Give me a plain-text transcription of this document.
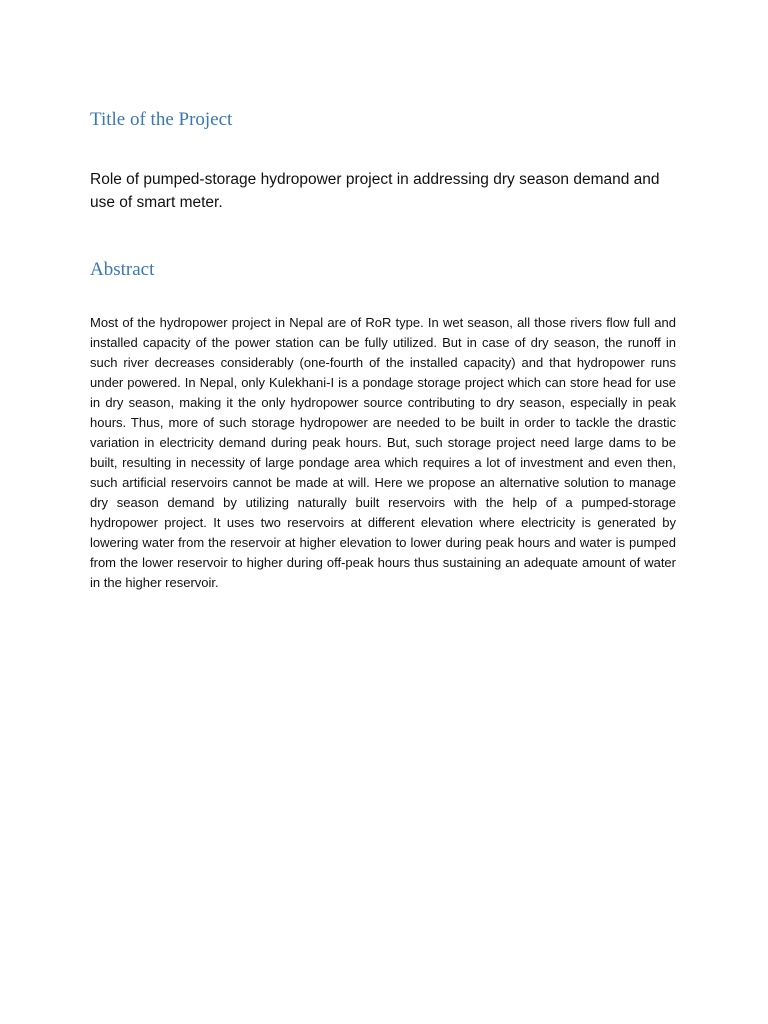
Title of the Project

Role of pumped-storage hydropower project in addressing dry season demand and use of smart meter.

Abstract

Most of the hydropower project in Nepal are of RoR type. In wet season, all those rivers flow full and installed capacity of the power station can be fully utilized. But in case of dry season, the runoff in such river decreases considerably (one-fourth of the installed capacity) and that hydropower runs under powered. In Nepal, only Kulekhani-I is a pondage storage project which can store head for use in dry season, making it the only hydropower source contributing to dry season, especially in peak hours. Thus, more of such storage hydropower are needed to be built in order to tackle the drastic variation in electricity demand during peak hours. But, such storage project need large dams to be built, resulting in necessity of large pondage area which requires a lot of investment and even then, such artificial reservoirs cannot be made at will. Here we propose an alternative solution to manage dry season demand by utilizing naturally built reservoirs with the help of a pumped-storage hydropower project. It uses two reservoirs at different elevation where electricity is generated by lowering water from the reservoir at higher elevation to lower during peak hours and water is pumped from the lower reservoir to higher during off-peak hours thus sustaining an adequate amount of water in the higher reservoir.
